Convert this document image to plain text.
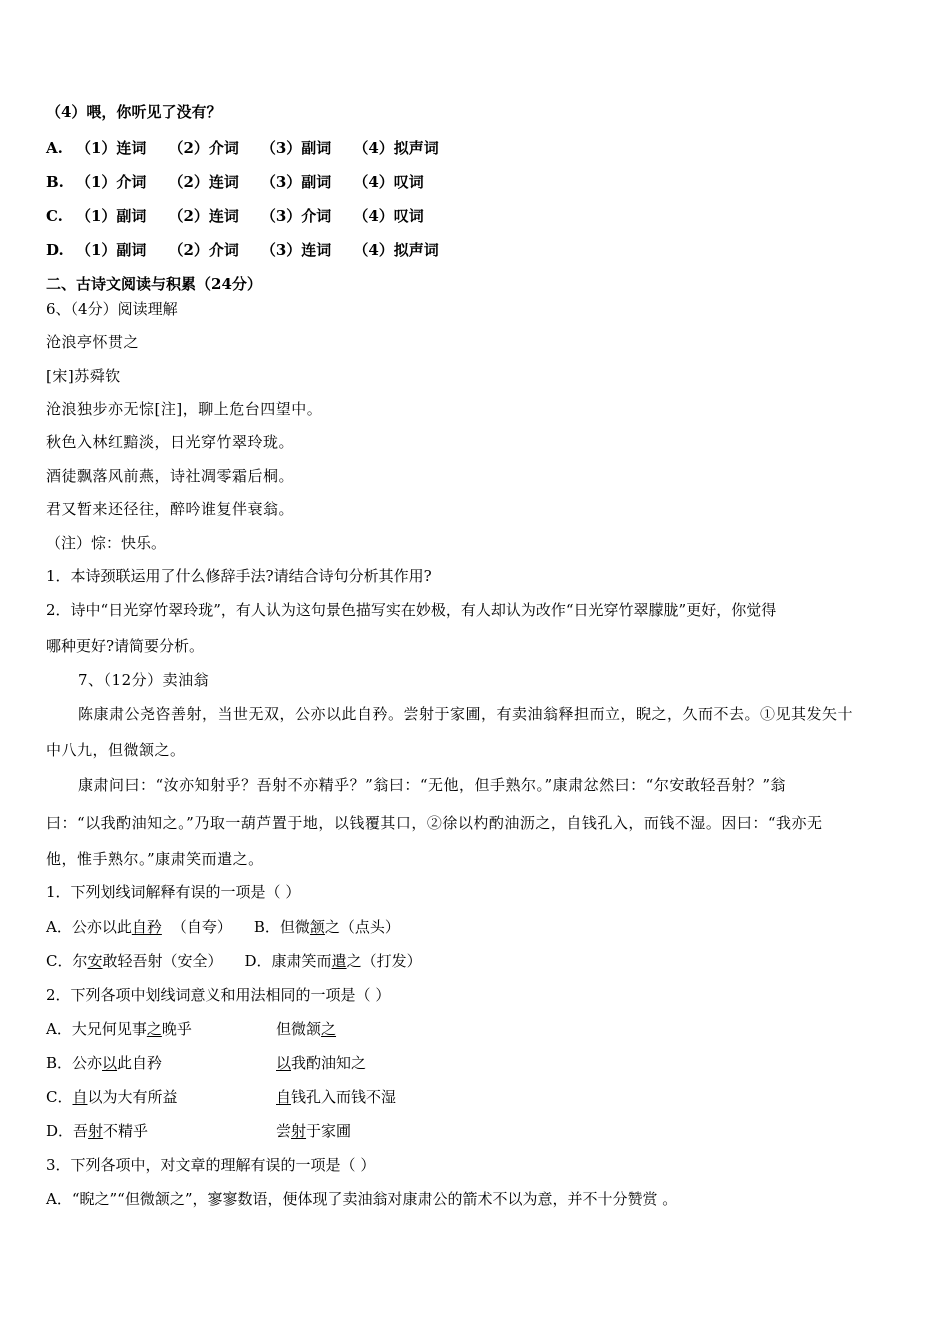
（4）喂，你听见了没有？
A. （1）连词 （2）介词 （3）副词 （4）拟声词
B. （1）介词 （2）连词 （3）副词 （4）叹词
C. （1）副词 （2）连词 （3）介词 （4）叹词
D. （1）副词 （2）介词 （3）连词 （4）拟声词
二、古诗文阅读与积累（24分）
6、（4分）阅读理解
沧浪亭怀贯之
[宋]苏舜钦
沧浪独步亦无悰[注]，聊上危台四望中。
秋色入林红黯淡，日光穿竹翠玲珑。
酒徒飘落风前燕，诗社凋零霜后桐。
君又暂来还径往，醉吟谁复伴衰翁。
（注）悰：快乐。
1．本诗颈联运用了什么修辞手法?请结合诗句分析其作用?
2．诗中“日光穿竹翠玲珑”，有人认为这句景色描写实在妙极，有人却认为改作“日光穿竹翠朦胧”更好，你觉得
哪种更好?请简要分析。
7、（12分）卖油翁
陈康肃公尧咨善射，当世无双，公亦以此自矜。尝射于家圃，有卖油翁释担而立，睨之，久而不去。①见其发矢十
中八九，但微颔之。
康肃问曰：“汝亦知射乎？吾射不亦精乎？”翁曰：“无他，但手熟尔。”康肃忿然曰：“尔安敢轻吾射？”翁
曰：“以我酌油知之。”乃取一葫芦置于地，以钱覆其口，②徐以杓酌油沥之，自钱孔入，而钱不湿。因曰：“我亦无
他，惟手熟尔。”康肃笑而遣之。
1．下列划线词解释有误的一项是（ ）
A．公亦以此自矜 （自夸） B．但微颔之（点头）
C．尔安敢轻吾射（安全） D．康肃笑而遣之（打发）
2．下列各项中划线词意义和用法相同的一项是（ ）
A．大兄何见事之晚乎	但微颔之
B．公亦以此自矜	以我酌油知之
C．自以为大有所益	自钱孔入而钱不湿
D．吾射不精乎	尝射于家圃
3．下列各项中，对文章的理解有误的一项是（ ）
A．“睨之”“但微颔之”，寥寥数语，便体现了卖油翁对康肃公的箭术不以为意，并不十分赞赏 。
